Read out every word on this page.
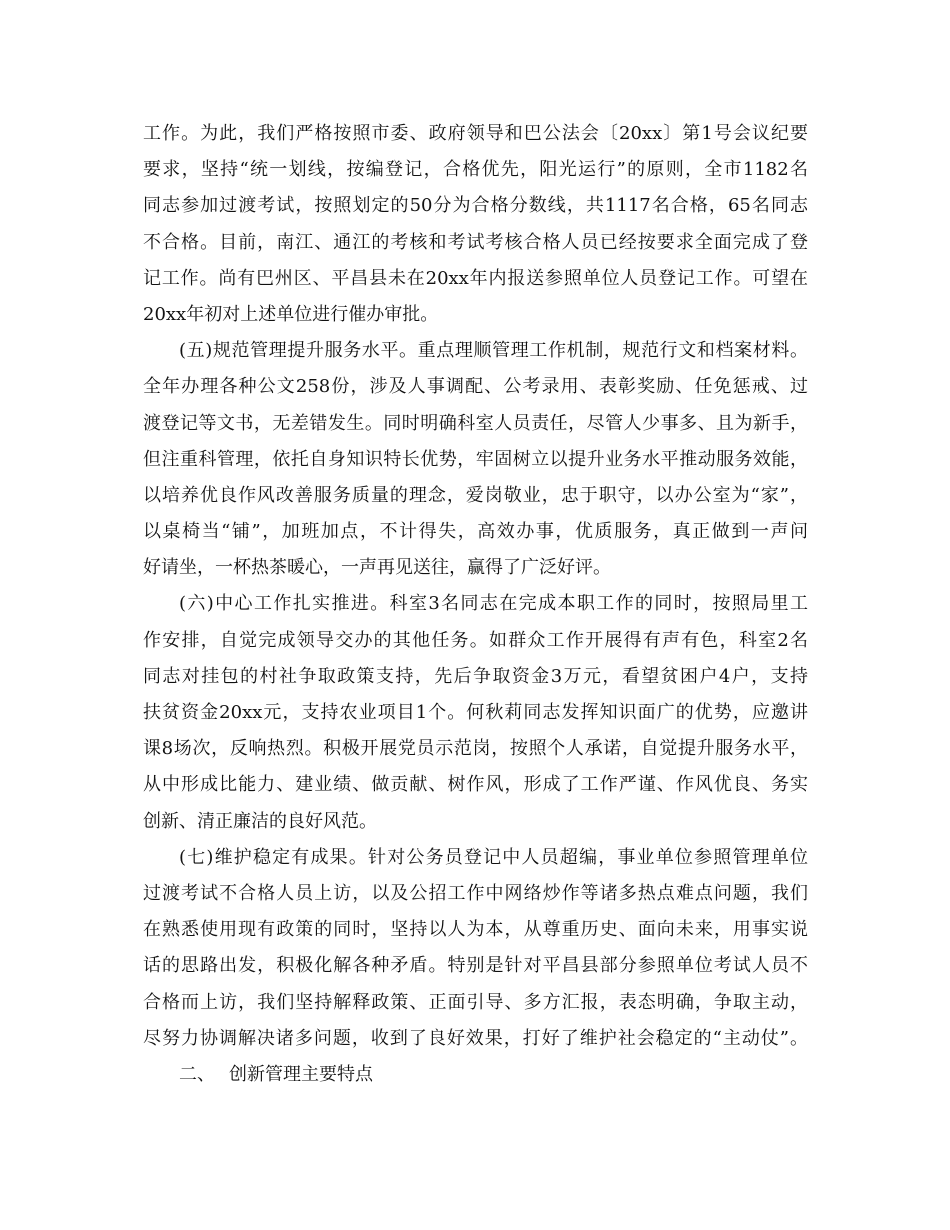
工作。为此，我们严格按照市委、政府领导和巴公法会〔20xx〕第1号会议纪要
要求，坚持“统一划线，按编登记，合格优先，阳光运行”的原则，全市1182名
同志参加过渡考试，按照划定的50分为合格分数线，共1117名合格，65名同志
不合格。目前，南江、通江的考核和考试考核合格人员已经按要求全面完成了登
记工作。尚有巴州区、平昌县未在20xx年内报送参照单位人员登记工作。可望在
20xx年初对上述单位进行催办审批。
(五)规范管理提升服务水平。重点理顺管理工作机制，规范行文和档案材料。
全年办理各种公文258份，涉及人事调配、公考录用、表彰奖励、任免惩戒、过
渡登记等文书，无差错发生。同时明确科室人员责任，尽管人少事多、且为新手，
但注重科管理，依托自身知识特长优势，牢固树立以提升业务水平推动服务效能，
以培养优良作风改善服务质量的理念，爱岗敬业，忠于职守，以办公室为“家”，
以桌椅当“铺”，加班加点，不计得失，高效办事，优质服务，真正做到一声问
好请坐，一杯热茶暖心，一声再见送往，赢得了广泛好评。
(六)中心工作扎实推进。科室3名同志在完成本职工作的同时，按照局里工
作安排，自觉完成领导交办的其他任务。如群众工作开展得有声有色，科室2名
同志对挂包的村社争取政策支持，先后争取资金3万元，看望贫困户4户，支持
扶贫资金20xx元，支持农业项目1个。何秋莉同志发挥知识面广的优势，应邀讲
课8场次，反响热烈。积极开展党员示范岗，按照个人承诺，自觉提升服务水平，
从中形成比能力、建业绩、做贡献、树作风，形成了工作严谨、作风优良、务实
创新、清正廉洁的良好风范。
(七)维护稳定有成果。针对公务员登记中人员超编，事业单位参照管理单位
过渡考试不合格人员上访，以及公招工作中网络炒作等诸多热点难点问题，我们
在熟悉使用现有政策的同时，坚持以人为本，从尊重历史、面向未来，用事实说
话的思路出发，积极化解各种矛盾。特别是针对平昌县部分参照单位考试人员不
合格而上访，我们坚持解释政策、正面引导、多方汇报，表态明确，争取主动，
尽努力协调解决诸多问题，收到了良好效果，打好了维护社会稳定的“主动仗”。
二、 创新管理主要特点
